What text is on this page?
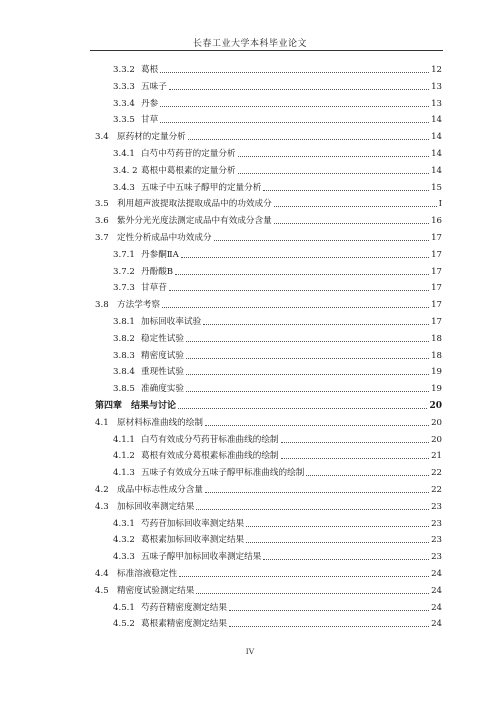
长春工业大学本科毕业论文
3.3.2 葛根	12
3.3.3 五味子	13
3.3.4 丹参	13
3.3.5 甘草	14
3.4 原药材的定量分析	14
3.4.1 白芍中芍药苷的定量分析	14
3.4. 2 葛根中葛根素的定量分析	14
3.4.3 五味子中五味子醇甲的定量分析	15
3.5 利用超声波提取法提取成品中的功效成分	I
3.6 紫外分光光度法测定成品中有效成分含量	16
3.7 定性分析成品中功效成分	17
3.7.1 丹参酮ⅡA	17
3.7.2 丹酚酸B	17
3.7.3 甘草苷	17
3.8 方法学考察	17
3.8.1 加标回收率试验	17
3.8.2 稳定性试验	18
3.8.3 精密度试验	18
3.8.4 重现性试验	19
3.8.5 准确度实验	19
第四章 结果与讨论	20
4.1 原材料标准曲线的绘制	20
4.1.1 白芍有效成分芍药苷标准曲线的绘制	20
4.1.2 葛根有效成分葛根素标准曲线的绘制	21
4.1.3 五味子有效成分五味子醇甲标准曲线的绘制	22
4.2 成品中标志性成分含量	22
4.3 加标回收率测定结果	23
4.3.1 芍药苷加标回收率测定结果	23
4.3.2 葛根素加标回收率测定结果	23
4.3.3 五味子醇甲加标回收率测定结果	23
4.4 标准溶液稳定性	24
4.5 精密度试验测定结果	24
4.5.1 芍药苷精密度测定结果	24
4.5.2 葛根素精密度测定结果	24
IV
